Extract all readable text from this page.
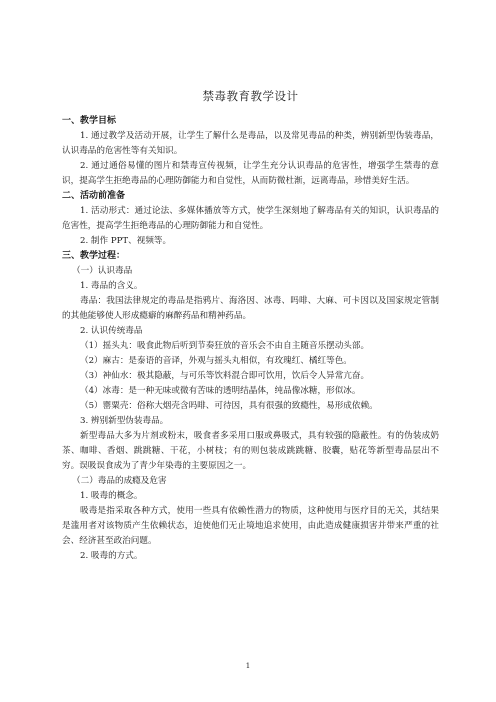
禁毒教育教学设计
一、教学目标
1. 通过教学及活动开展，让学生了解什么是毒品，以及常见毒品的种类，辨别新型伪装毒品，认识毒品的危害性等有关知识。
2. 通过通俗易懂的图片和禁毒宣传视频，让学生充分认识毒品的危害性，增强学生禁毒的意识，提高学生拒绝毒品的心理防御能力和自觉性，从而防微杜渐，远离毒品，珍惜美好生活。
二、活动前准备
1. 活动形式：通过论法、多媒体播放等方式，使学生深刻地了解毒品有关的知识，认识毒品的危害性，提高学生拒绝毒品的心理防御能力和自觉性。
2. 制作 PPT、视频等。
三、教学过程：
（一）认识毒品
1. 毒品的含义。
毒品：我国法律规定的毒品是指鸦片、海洛因、冰毒、吗啡、大麻、可卡因以及国家规定管制的其他能够使人形成瘾癖的麻醉药品和精神药品。
2. 认识传统毒品
（1）摇头丸：吸食此物后听到节奏狂放的音乐会不由自主随音乐摆动头部。
（2）麻古：是泰语的音译，外观与摇头丸相似，有玫瑰红、橘红等色。
（3）神仙水：极其隐蔽，与可乐等饮料混合即可饮用，饮后令人异常亢奋。
（4）冰毒：是一种无味或微有苦味的透明结晶体，纯品像冰糖，形似冰。
（5）罂粟壳：俗称大烟壳含吗啡、可待因，具有很强的致瘾性，易形成依赖。
3. 辨别新型伪装毒品。
新型毒品大多为片剂或粉末，吸食者多采用口服或鼻吸式，具有较强的隐蔽性。有的伪装成奶茶、咖啡、香烟、跳跳糖、干花，小树枝；有的则包装成跳跳糖、胶囊，贴花等新型毒品层出不穷。误吸误食成为了青少年染毒的主要原因之一。
（二）毒品的成瘾及危害
1. 吸毒的概念。
吸毒是指采取各种方式，使用一些具有依赖性潜力的物质，这种使用与医疗目的无关，其结果是滥用者对该物质产生依赖状态，迫使他们无止境地追求使用，由此造成健康损害并带来严重的社会、经济甚至政治问题。
2. 吸毒的方式。
1
